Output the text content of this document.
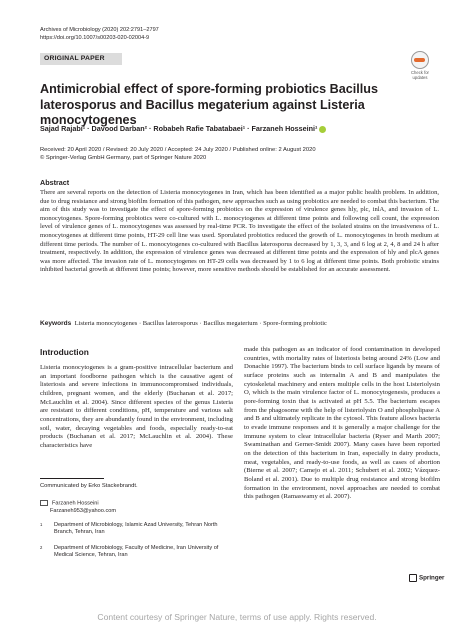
Archives of Microbiology (2020) 202:2791–2797
https://doi.org/10.1007/s00203-020-02004-9
ORIGINAL PAPER
Check for updates
Antimicrobial effect of spore-forming probiotics Bacillus laterosporus and Bacillus megaterium against Listeria monocytogenes
Sajad Rajabi¹ · Davood Darban² · Robabeh Rafie Tabatabaei¹ · Farzaneh Hosseini¹
Received: 20 April 2020 / Revised: 20 July 2020 / Accepted: 24 July 2020 / Published online: 2 August 2020
© Springer-Verlag GmbH Germany, part of Springer Nature 2020
Abstract
There are several reports on the detection of Listeria monocytogenes in Iran, which has been identified as a major public health problem. In addition, due to drug resistance and strong biofilm formation of this pathogen, new approaches such as using probiotics are needed to combat this bacterium. The aim of this study was to investigate the effect of spore-forming probiotics on the expression of virulence genes hly, plc, inlA, and invasion of L. monocytogenes. Spore-forming probiotics were co-cultured with L. monocytogenes at different time points and following cell count, the expression level of virulence genes of L. monocytogenes was assessed by real-time PCR. To investigate the effect of the isolated strains on the invasiveness of L. monocytogenes at different time points, HT-29 cell line was used. Sporulated probiotics reduced the growth of L. monocytogenes in broth medium at different time periods. The number of L. monocytogenes co-cultured with Bacillus laterosporus decreased by 1, 3, 3, and 6 log at 2, 4, 8 and 24 h after treatment, respectively. In addition, the expression of virulence genes was decreased at different time points and the expression of hly and plcA genes was more affected. The invasion rate of L. monocytogenes on HT-29 cells was decreased by 1 to 6 log at different time points. Both probiotic strains inhibited bacterial growth at different time points; however, more sensitive methods should be established for an accurate assessment.
Keywords Listeria monocytogenes · Bacillus laterosporus · Bacillus megaterium · Spore-forming probiotic
Introduction
Listeria monocytogenes is a gram-positive intracellular bacterium and an important foodborne pathogen which is the causative agent of listeriosis and severe infections in immunocompromised individuals, children, pregnant women, and the elderly (Buchanan et al. 2017; McLauchlin et al. 2004). Since different species of the genus Listeria are resistant to different conditions, pH, temperature and various salt concentrations, they are abundantly found in the environment, including soil, water, decaying vegetables and foods, especially ready-to-eat products (Buchanan et al. 2017; McLauchlin et al. 2004). These characteristics have
made this pathogen as an indicator of food contamination in developed countries, with mortality rates of listeriosis being around 24% (Low and Donachie 1997). The bacterium binds to cell surface ligands by means of surface proteins such as internalin A and B and manipulates the cytoskeletal machinery and enters multiple cells in the host Listeriolysin O, which is the main virulence factor of L. monocytogenesis, produces a pore-forming toxin that is activated at pH 5.5. The bacterium escapes from the phagosome with the help of listeriolysin O and phospholipase A and B and ultimately replicate in the cytosol. This feature allows bacteria to evade immune responses and it is generally a major challenge for the immune system to clear intracellular bacteria (Ryser and Marth 2007; Swaminathan and Gerner-Smidt 2007). Many cases have been reported on the detection of this bacterium in Iran, especially in dairy products, meat, vegetables, and ready-to-use foods, as well as cases of abortion (Bierne et al. 2007; Camejo et al. 2011; Schubert et al. 2002; Vázquez-Boland et al. 2001). Due to multiple drug resistance and strong biofilm formation in the environment, novel approaches are needed to combat this pathogen (Ramaswamy et al. 2007).
Communicated by Erko Stackebrandt.
Farzaneh Hosseini
Farzaneh953@yahoo.com
1	Department of Microbiology, Islamic Azad University, Tehran North Branch, Tehran, Iran
2	Department of Microbiology, Faculty of Medicine, Iran University of Medical Science, Tehran, Iran
Springer
Content courtesy of Springer Nature, terms of use apply. Rights reserved.
